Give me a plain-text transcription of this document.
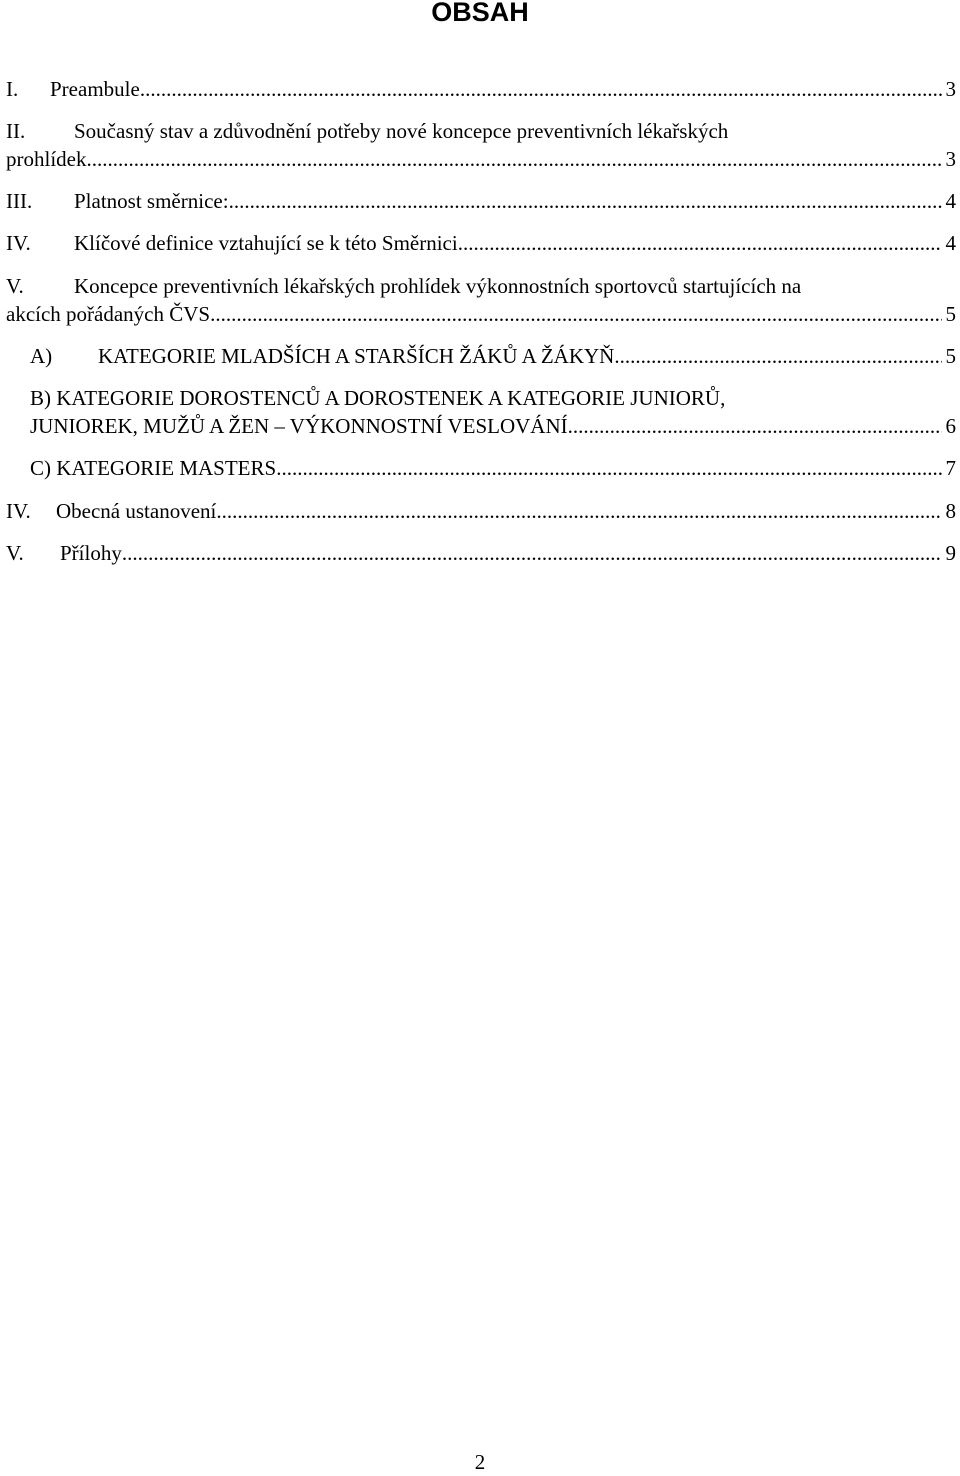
OBSAH
I.	Preambule .....	3
II. Současný stav a zdůvodnění potřeby nové koncepce preventivních lékařských
prohlídek .....	3
III.	Platnost směrnice: .....	4
IV.	Klíčové definice vztahující se k této Směrnici .....	4
V. Koncepce preventivních lékařských prohlídek výkonnostních sportovců startujících na
akcích pořádaných ČVS .....	5
A)	KATEGORIE MLADŠÍCH A STARŠÍCH ŽÁKŮ A ŽÁKYŇ .....	5
B) KATEGORIE DOROSTENCŮ A DOROSTENEK A KATEGORIE JUNIORŮ,
JUNIOREK, MUŽŮ A ŽEN – VÝKONNOSTNÍ VESLOVÁNÍ .....	6
C) KATEGORIE MASTERS .....	7
IV.	Obecná ustanovení .....	8
V.	Přílohy .....	9
2
